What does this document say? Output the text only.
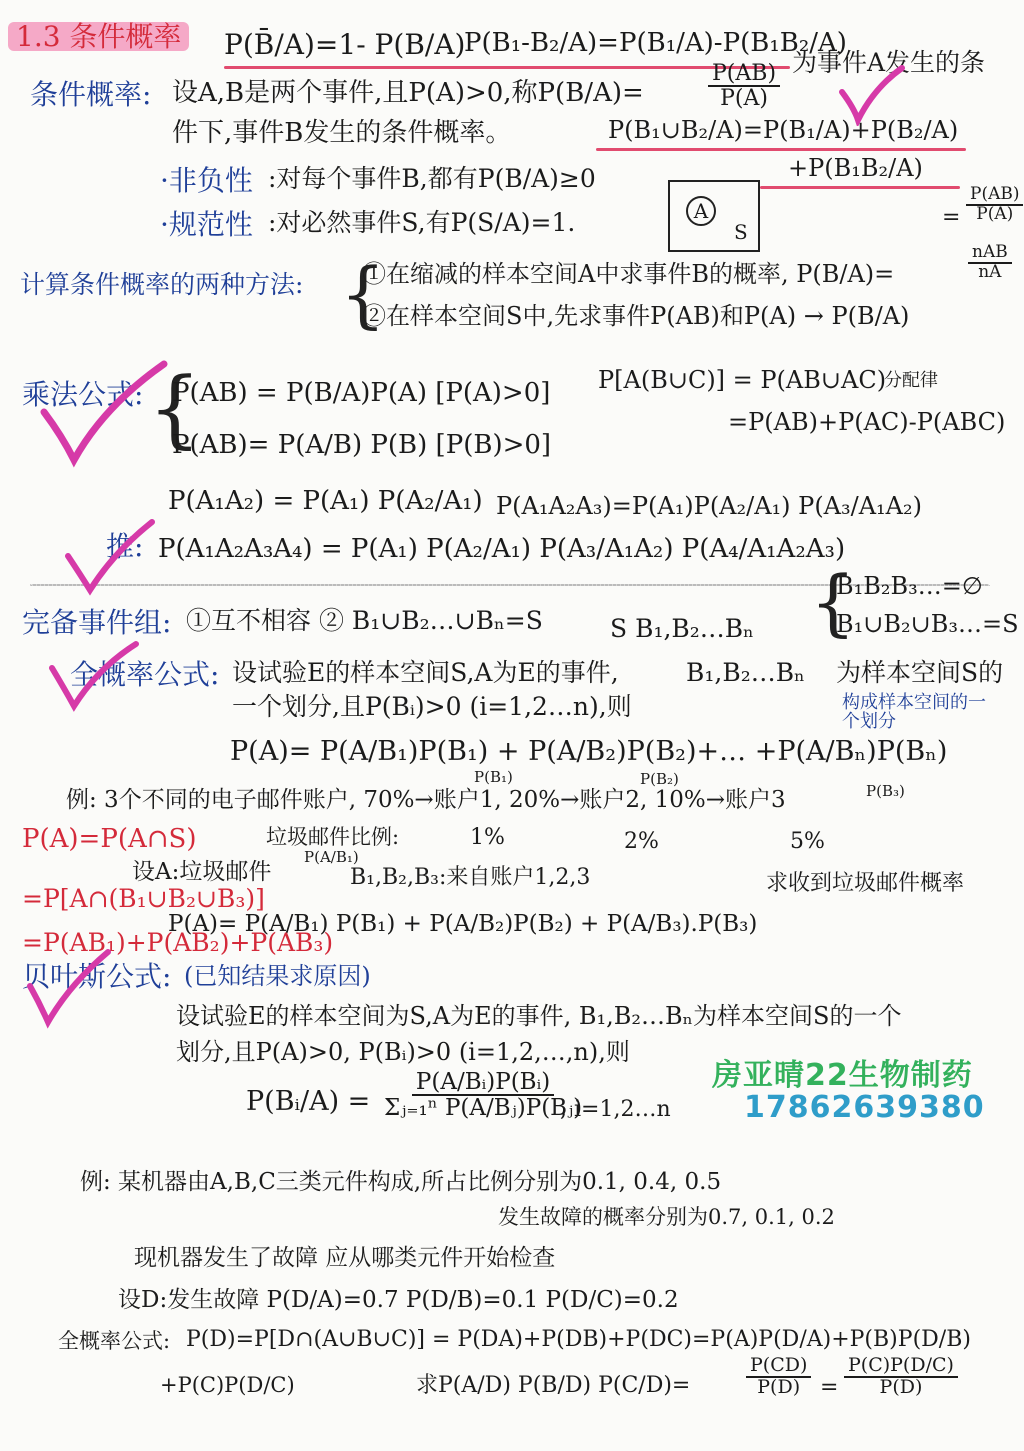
1.3 条件概率 P(B̄/A)=1- P(B/A)
P(B₁-B₂/A)=P(B₁/A)-P(B₁B₂/A)
条件概率: 设A,B是两个事件,且P(A)>0,称P(B/A)=	$\frac{P(AB)}{P(A)}$ 为事件A发生的条
件下,事件B发生的条件概率。	P(B₁∪B₂/A)=P(B₁/A)+P(B₂/A)
+P(B₁B₂/A)
·非负性 :对每个事件B,都有P(B/A)≥0
·规范性 :对必然事件S,有P(S/A)=1.	A
S
= $\frac{P(AB)}{P(A)}$
计算条件概率的两种方法: {
①在缩减的样本空间A中求事件B的概率, P(B/A)=	$\frac{\text{nAB}}{nA}$
②在样本空间S中,先求事件P(AB)和P(A) → P(B/A)
乘法公式: {
P(AB) = P(B/A)P(A) [P(A)>0]
P(AB)= P(A/B) P(B) [P(B)>0]
P[A(B∪C)] = P(AB∪AC)
分配律
=P(AB)+P(AC)-P(ABC)
P(A₁A₂) = P(A₁) P(A₂/A₁) P(A₁A₂A₃)=P(A₁)P(A₂/A₁) P(A₃/A₁A₂)
推: P(A₁A₂A₃A₄) = P(A₁) P(A₂/A₁) P(A₃/A₁A₂) P(A₄/A₁A₂A₃)
完备事件组: ①互不相容 ② B₁∪B₂…∪Bₙ=S	S B₁,B₂…Bₙ {
B₁B₂B₃…=∅
B₁∪B₂∪B₃…=S
全概率公式: 设试验E的样本空间S,A为E的事件,	B₁,B₂…Bₙ 为样本空间S的
一个划分,且P(Bᵢ)>0 (i=1,2…n),则	构成样本空间的一个划分
P(A)= P(A/B₁)P(B₁) + P(A/B₂)P(B₂)+… +P(A/Bₙ)P(Bₙ)
例: 3个不同的电子邮件账户, 70%→账户1, 20%→账户2, 10%→账户3
P(B₁)	P(B₂)
P(B₃)
垃圾邮件比例:	1%	2%	5%
P(A)=P(A∩S)
设A:垃圾邮件
P(A/B₁)
B₁,B₂,B₃:来自账户1,2,3	求收到垃圾邮件概率
=P[A∩(B₁∪B₂∪B₃)]
P(A)= P(A/B₁) P(B₁) + P(A/B₂)P(B₂) + P(A/B₃).P(B₃)
=P(AB₁)+P(AB₂)+P(AB₃)
贝叶斯公式: (已知结果求原因)
设试验E的样本空间为S,A为E的事件, B₁,B₂…Bₙ为样本空间S的一个
划分,且P(A)>0, P(Bᵢ)>0 (i=1,2,…,n),则
P(Bᵢ/A) = $\frac{\text{P(A/Bᵢ)P(Bᵢ)}}{\text{Σⱼ₌₁ⁿ P(A/Bⱼ)P(Bⱼ)}}$
, i=1,2…n
房亚晴22生物制药
17862639380
例: 某机器由A,B,C三类元件构成,所占比例分别为0.1, 0.4, 0.5
发生故障的概率分别为0.7, 0.1, 0.2
现机器发生了故障 应从哪类元件开始检查
设D:发生故障 P(D/A)=0.7 P(D/B)=0.1 P(D/C)=0.2
全概率公式: P(D)=P[D∩(A∪B∪C)] = P(DA)+P(DB)+P(DC)=P(A)P(D/A)+P(B)P(D/B)
+P(C)P(D/C)	求P(A/D) P(B/D) P(C/D)=	$\frac{P(CD)}{P(D)} = \frac{P(C)P(D/C)}{P(D)}$
